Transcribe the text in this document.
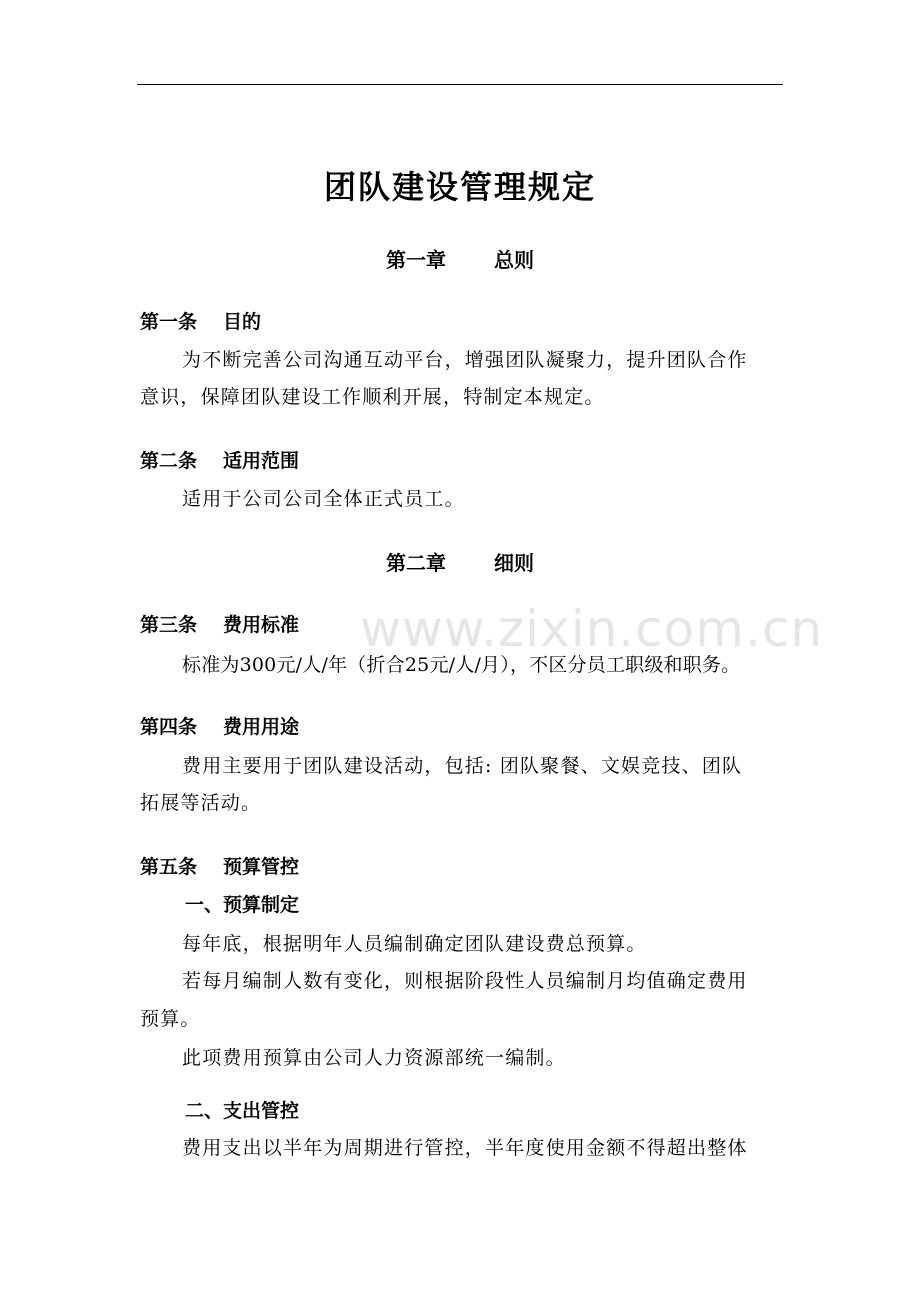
www.zixin.com.cn
团队建设管理规定
第一章 总则
第一条 目的
为不断完善公司沟通互动平台，增强团队凝聚力，提升团队合作
意识，保障团队建设工作顺利开展，特制定本规定。
第二条 适用范围
适用于公司公司全体正式员工。
第二章 细则
第三条 费用标准
标准为300元/人/年（折合25元/人/月），不区分员工职级和职务。
第四条 费用用途
费用主要用于团队建设活动，包括: 团队聚餐、文娱竞技、团队
拓展等活动。
第五条 预算管控
一、预算制定
每年底，根据明年人员编制确定团队建设费总预算。
若每月编制人数有变化，则根据阶段性人员编制月均值确定费用
预算。
此项费用预算由公司人力资源部统一编制。
二、支出管控
费用支出以半年为周期进行管控，半年度使用金额不得超出整体
